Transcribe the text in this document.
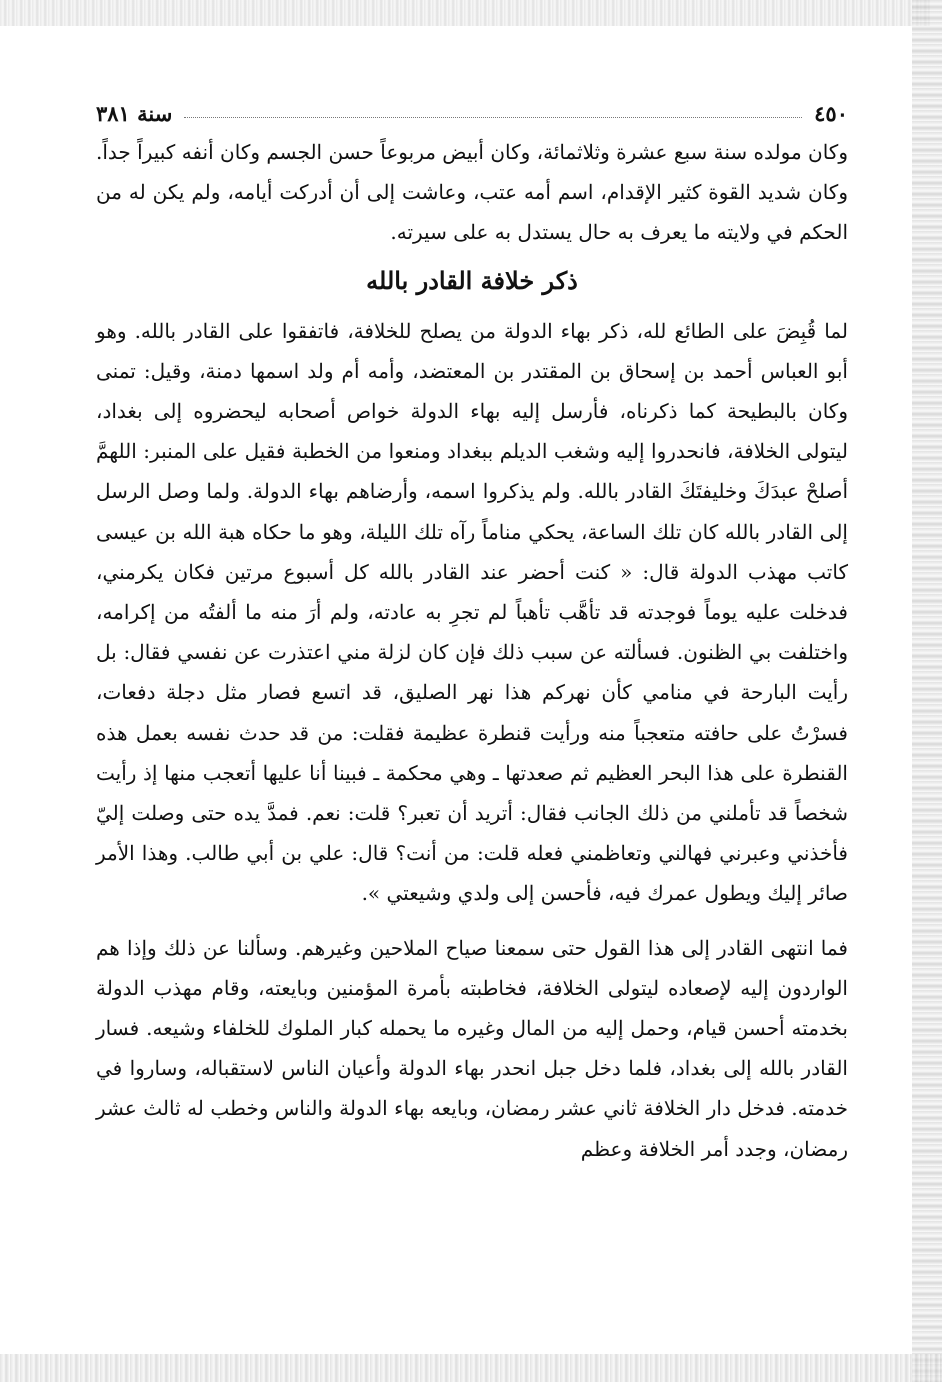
٤٥٠
سنة ٣٨١

وكان مولده سنة سبع عشرة وثلاثمائة، وكان أبيض مربوعاً حسن الجسم وكان أنفه كبيراً جداً. وكان شديد القوة كثير الإقدام، اسم أمه عتب، وعاشت إلى أن أدركت أيامه، ولم يكن له من الحكم في ولايته ما يعرف به حال يستدل به على سيرته.

ذكر خلافة القادر بالله

لما قُبِضَ على الطائع لله، ذكر بهاء الدولة من يصلح للخلافة، فاتفقوا على القادر بالله. وهو أبو العباس أحمد بن إسحاق بن المقتدر بن المعتضد، وأمه أم ولد اسمها دمنة، وقيل: تمنى وكان بالبطيحة كما ذكرناه، فأرسل إليه بهاء الدولة خواص أصحابه ليحضروه إلى بغداد، ليتولى الخلافة، فانحدروا إليه وشغب الديلم ببغداد ومنعوا من الخطبة فقيل على المنبر: اللهمَّ أصلحْ عبدَكَ وخليفتَكَ القادر بالله. ولم يذكروا اسمه، وأرضاهم بهاء الدولة. ولما وصل الرسل إلى القادر بالله كان تلك الساعة، يحكي مناماً رآه تلك الليلة، وهو ما حكاه هبة الله بن عيسى كاتب مهذب الدولة قال: « كنت أحضر عند القادر بالله كل أسبوع مرتين فكان يكرمني، فدخلت عليه يوماً فوجدته قد تأهَّب تأهباً لم تجرِ به عادته، ولم أرَ منه ما ألفتُه من إكرامه، واختلفت بي الظنون. فسألته عن سبب ذلك فإن كان لزلة مني اعتذرت عن نفسي فقال: بل رأيت البارحة في منامي كأن نهركم هذا نهر الصليق، قد اتسع فصار مثل دجلة دفعات، فسرْتُ على حافته متعجباً منه ورأيت قنطرة عظيمة فقلت: من قد حدث نفسه بعمل هذه القنطرة على هذا البحر العظيم ثم صعدتها ـ وهي محكمة ـ فبينا أنا عليها أتعجب منها إذ رأيت شخصاً قد تأملني من ذلك الجانب فقال: أتريد أن تعبر؟ قلت: نعم. فمدَّ يده حتى وصلت إليّ فأخذني وعبرني فهالني وتعاظمني فعله قلت: من أنت؟ قال: علي بن أبي طالب. وهذا الأمر صائر إليك ويطول عمرك فيه، فأحسن إلى ولدي وشيعتي ».

فما انتهى القادر إلى هذا القول حتى سمعنا صياح الملاحين وغيرهم. وسألنا عن ذلك وإذا هم الواردون إليه لإصعاده ليتولى الخلافة، فخاطبته بأمرة المؤمنين وبايعته، وقام مهذب الدولة بخدمته أحسن قيام، وحمل إليه من المال وغيره ما يحمله كبار الملوك للخلفاء وشيعه. فسار القادر بالله إلى بغداد، فلما دخل جبل انحدر بهاء الدولة وأعيان الناس لاستقباله، وساروا في خدمته. فدخل دار الخلافة ثاني عشر رمضان، وبايعه بهاء الدولة والناس وخطب له ثالث عشر رمضان، وجدد أمر الخلافة وعظم
